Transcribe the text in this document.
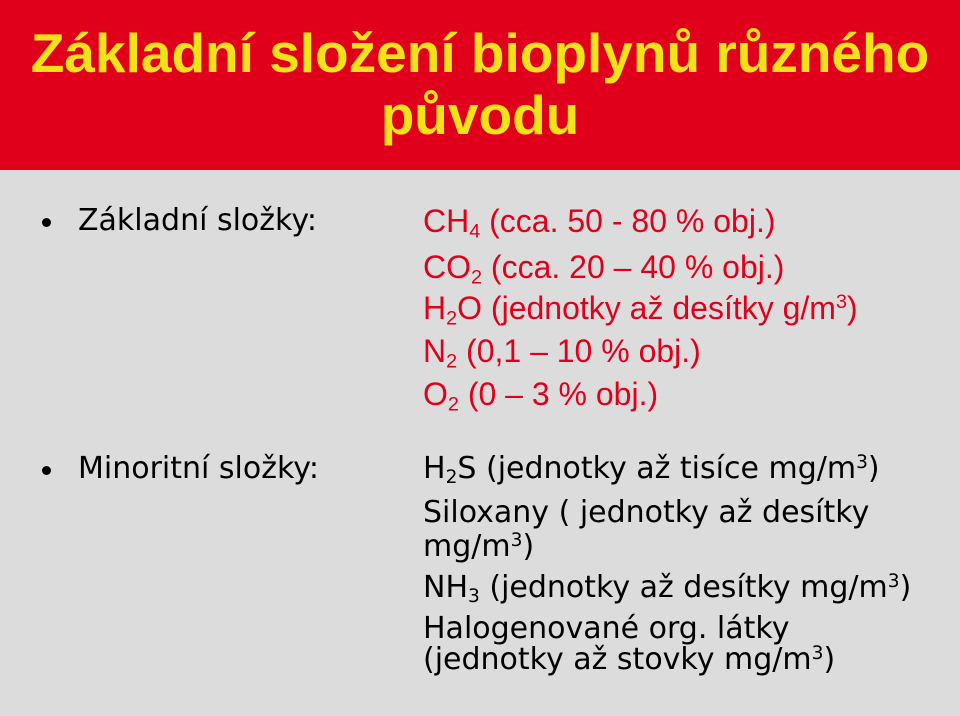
Základní složení bioplynů různého
původu
Základní složky:	$CH_4$ (cca. 50 - 80 % obj.)
$CO_2$ (cca. 20 – 40 % obj.)
$H_2O$ (jednotky až desítky $g/m^3$)
$N_2$ (0,1 – 10 % obj.)
$O_2$ (0 – 3 % obj.)
Minoritní složky:	$H_2S$ (jednotky až tisíce $mg/m^3$)
Siloxany ( jednotky až desítky
$mg/m^3$)
$NH_3$ (jednotky až desítky $mg/m^3$)
Halogenované org. látky
(jednotky až stovky $mg/m^3$)
